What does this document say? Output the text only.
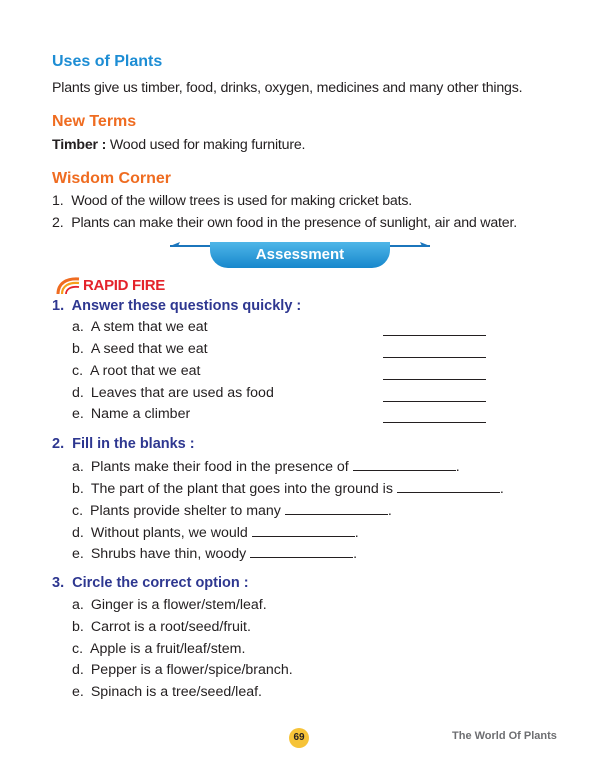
Uses of Plants
Plants give us timber, food, drinks, oxygen, medicines and many other things.
New Terms
Timber : Wood used for making furniture.
Wisdom Corner
1. Wood of the willow trees is used for making cricket bats.
2. Plants can make their own food in the presence of sunlight, air and water.
Assessment
RAPID FIRE
1.  Answer these questions quickly :
a. A stem that we eat
b. A seed that we eat
c. A root that we eat
d. Leaves that are used as food
e. Name a climber
2.  Fill in the blanks :
a. Plants make their food in the presence of	.
b. The part of the plant that goes into the ground is	.
c. Plants provide shelter to many	.
d. Without plants, we would	.
e. Shrubs have thin, woody	.
3.  Circle the correct option :
a. Ginger is a flower/stem/leaf.
b. Carrot is a root/seed/fruit.
c. Apple is a fruit/leaf/stem.
d. Pepper is a flower/spice/branch.
e. Spinach is a tree/seed/leaf.
69	The World Of Plants
